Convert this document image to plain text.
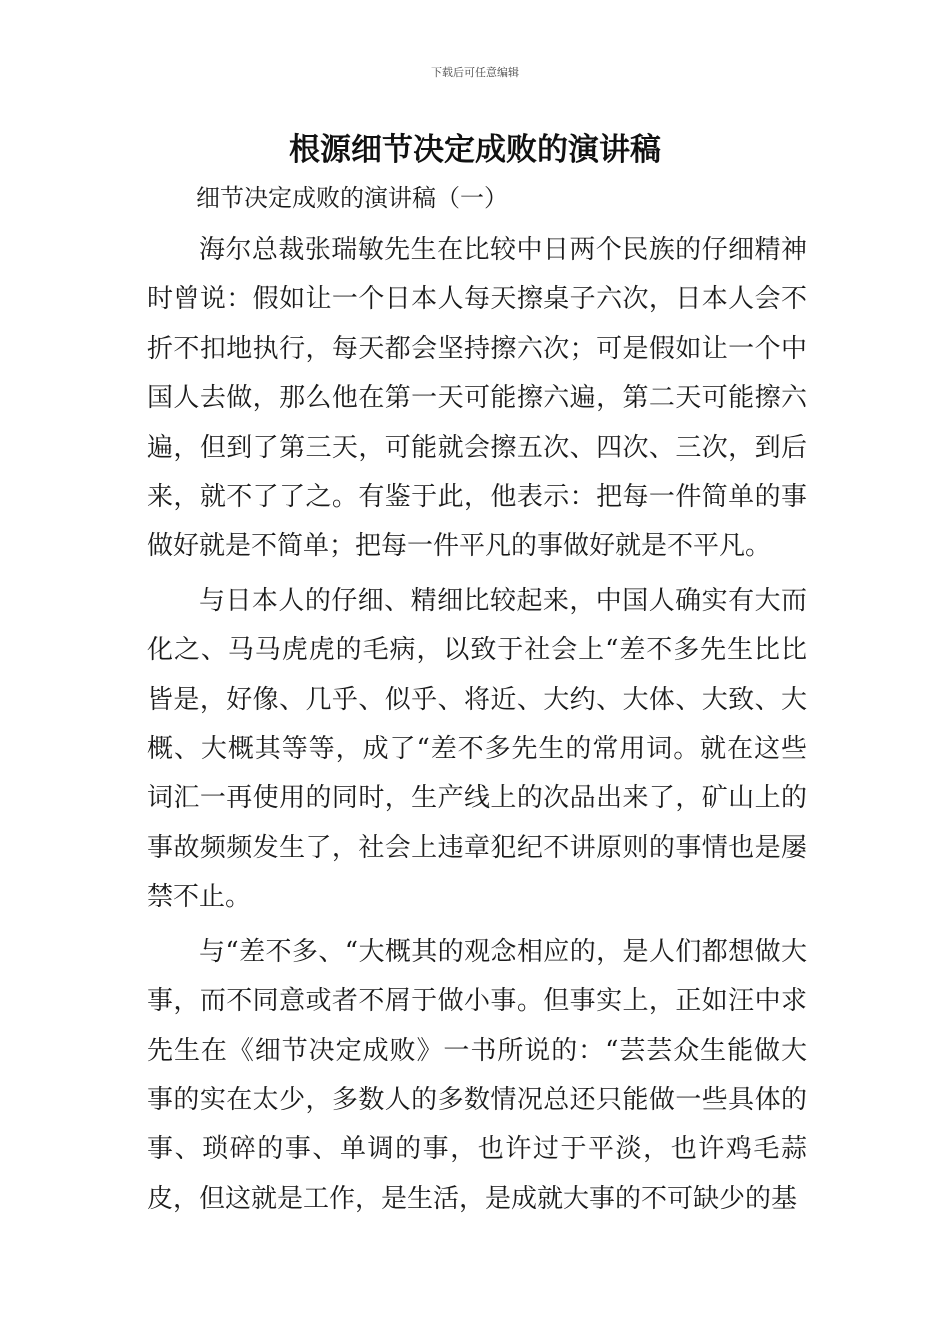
下载后可任意编辑
根源细节决定成败的演讲稿
细节决定成败的演讲稿（一）

海尔总裁张瑞敏先生在比较中日两个民族的仔细精神时曾说：假如让一个日本人每天擦桌子六次，日本人会不折不扣地执行，每天都会坚持擦六次；可是假如让一个中国人去做，那么他在第一天可能擦六遍，第二天可能擦六遍，但到了第三天，可能就会擦五次、四次、三次，到后来，就不了了之。有鉴于此，他表示：把每一件简单的事做好就是不简单；把每一件平凡的事做好就是不平凡。

与日本人的仔细、精细比较起来，中国人确实有大而化之、马马虎虎的毛病，以致于社会上“差不多先生比比皆是，好像、几乎、似乎、将近、大约、大体、大致、大概、大概其等等，成了“差不多先生的常用词。就在这些词汇一再使用的同时，生产线上的次品出来了，矿山上的事故频频发生了，社会上违章犯纪不讲原则的事情也是屡禁不止。

与“差不多、“大概其的观念相应的，是人们都想做大事，而不同意或者不屑于做小事。但事实上，正如汪中求先生在《细节决定成败》一书所说的：“芸芸众生能做大事的实在太少，多数人的多数情况总还只能做一些具体的事、琐碎的事、单调的事，也许过于平淡，也许鸡毛蒜皮，但这就是工作，是生活，是成就大事的不可缺少的基
